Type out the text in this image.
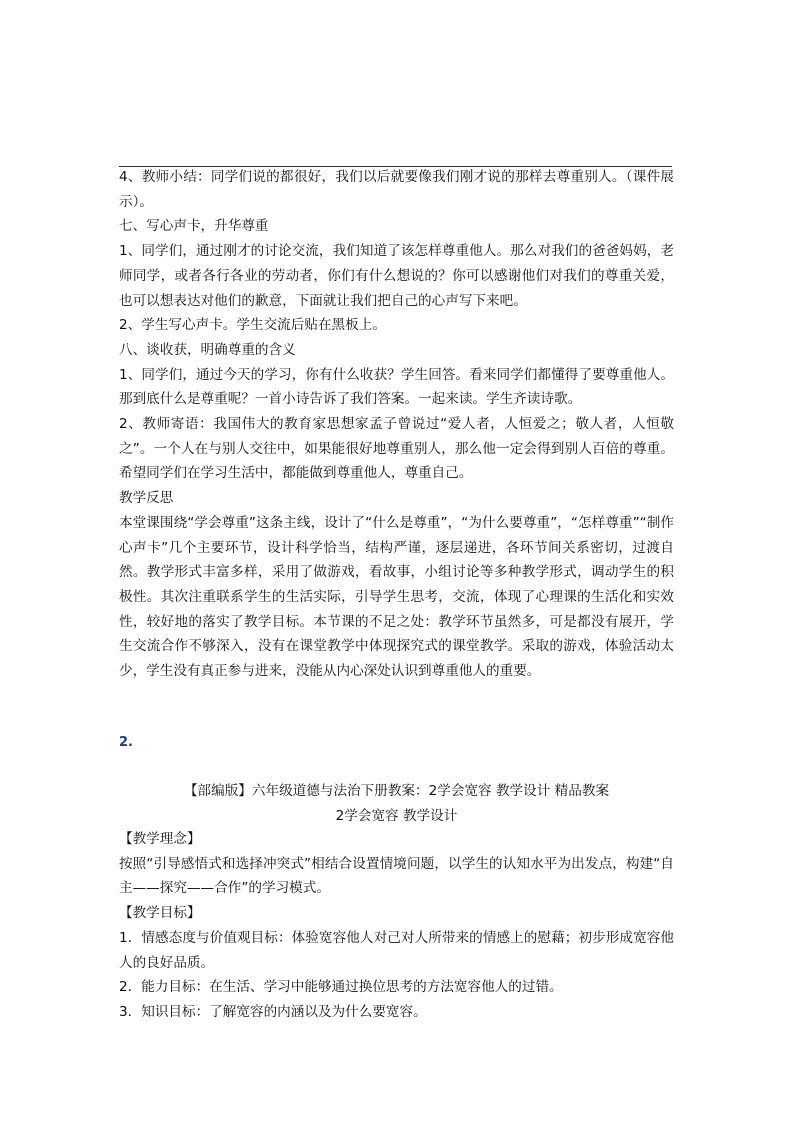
4、教师小结：同学们说的都很好，我们以后就要像我们刚才说的那样去尊重别人。（课件展示）。

七、写心声卡，升华尊重

1、同学们，通过刚才的讨论交流，我们知道了该怎样尊重他人。那么对我们的爸爸妈妈，老师同学，或者各行各业的劳动者，你们有什么想说的？你可以感谢他们对我们的尊重关爱，也可以想表达对他们的歉意，下面就让我们把自己的心声写下来吧。

2、学生写心声卡。学生交流后贴在黑板上。

八、谈收获，明确尊重的含义

1、同学们，通过今天的学习，你有什么收获？学生回答。看来同学们都懂得了要尊重他人。那到底什么是尊重呢？一首小诗告诉了我们答案。一起来读。学生齐读诗歌。

2、教师寄语：我国伟大的教育家思想家孟子曾说过“爱人者，人恒爱之；敬人者，人恒敬之”。一个人在与别人交往中，如果能很好地尊重别人，那么他一定会得到别人百倍的尊重。希望同学们在学习生活中，都能做到尊重他人，尊重自己。

教学反思

本堂课围绕“学会尊重”这条主线，设计了“什么是尊重”，“为什么要尊重”，“怎样尊重”“制作心声卡”几个主要环节，设计科学恰当，结构严谨，逐层递进，各环节间关系密切，过渡自然。教学形式丰富多样，采用了做游戏，看故事，小组讨论等多种教学形式，调动学生的积极性。其次注重联系学生的生活实际，引导学生思考，交流，体现了心理课的生活化和实效性，较好地的落实了教学目标。本节课的不足之处：教学环节虽然多，可是都没有展开，学生交流合作不够深入，没有在课堂教学中体现探究式的课堂教学。采取的游戏，体验活动太少，学生没有真正参与进来，没能从内心深处认识到尊重他人的重要。

2.

【部编版】六年级道德与法治下册教案：2学会宽容 教学设计 精品教案

2学会宽容 教学设计

【教学理念】

按照“引导感悟式和选择冲突式”相结合设置情境问题，以学生的认知水平为出发点，构建“自主——探究——合作”的学习模式。

【教学目标】

1．情感态度与价值观目标：体验宽容他人对己对人所带来的情感上的慰藉；初步形成宽容他人的良好品质。

2．能力目标：在生活、学习中能够通过换位思考的方法宽容他人的过错。

3．知识目标：了解宽容的内涵以及为什么要宽容。
